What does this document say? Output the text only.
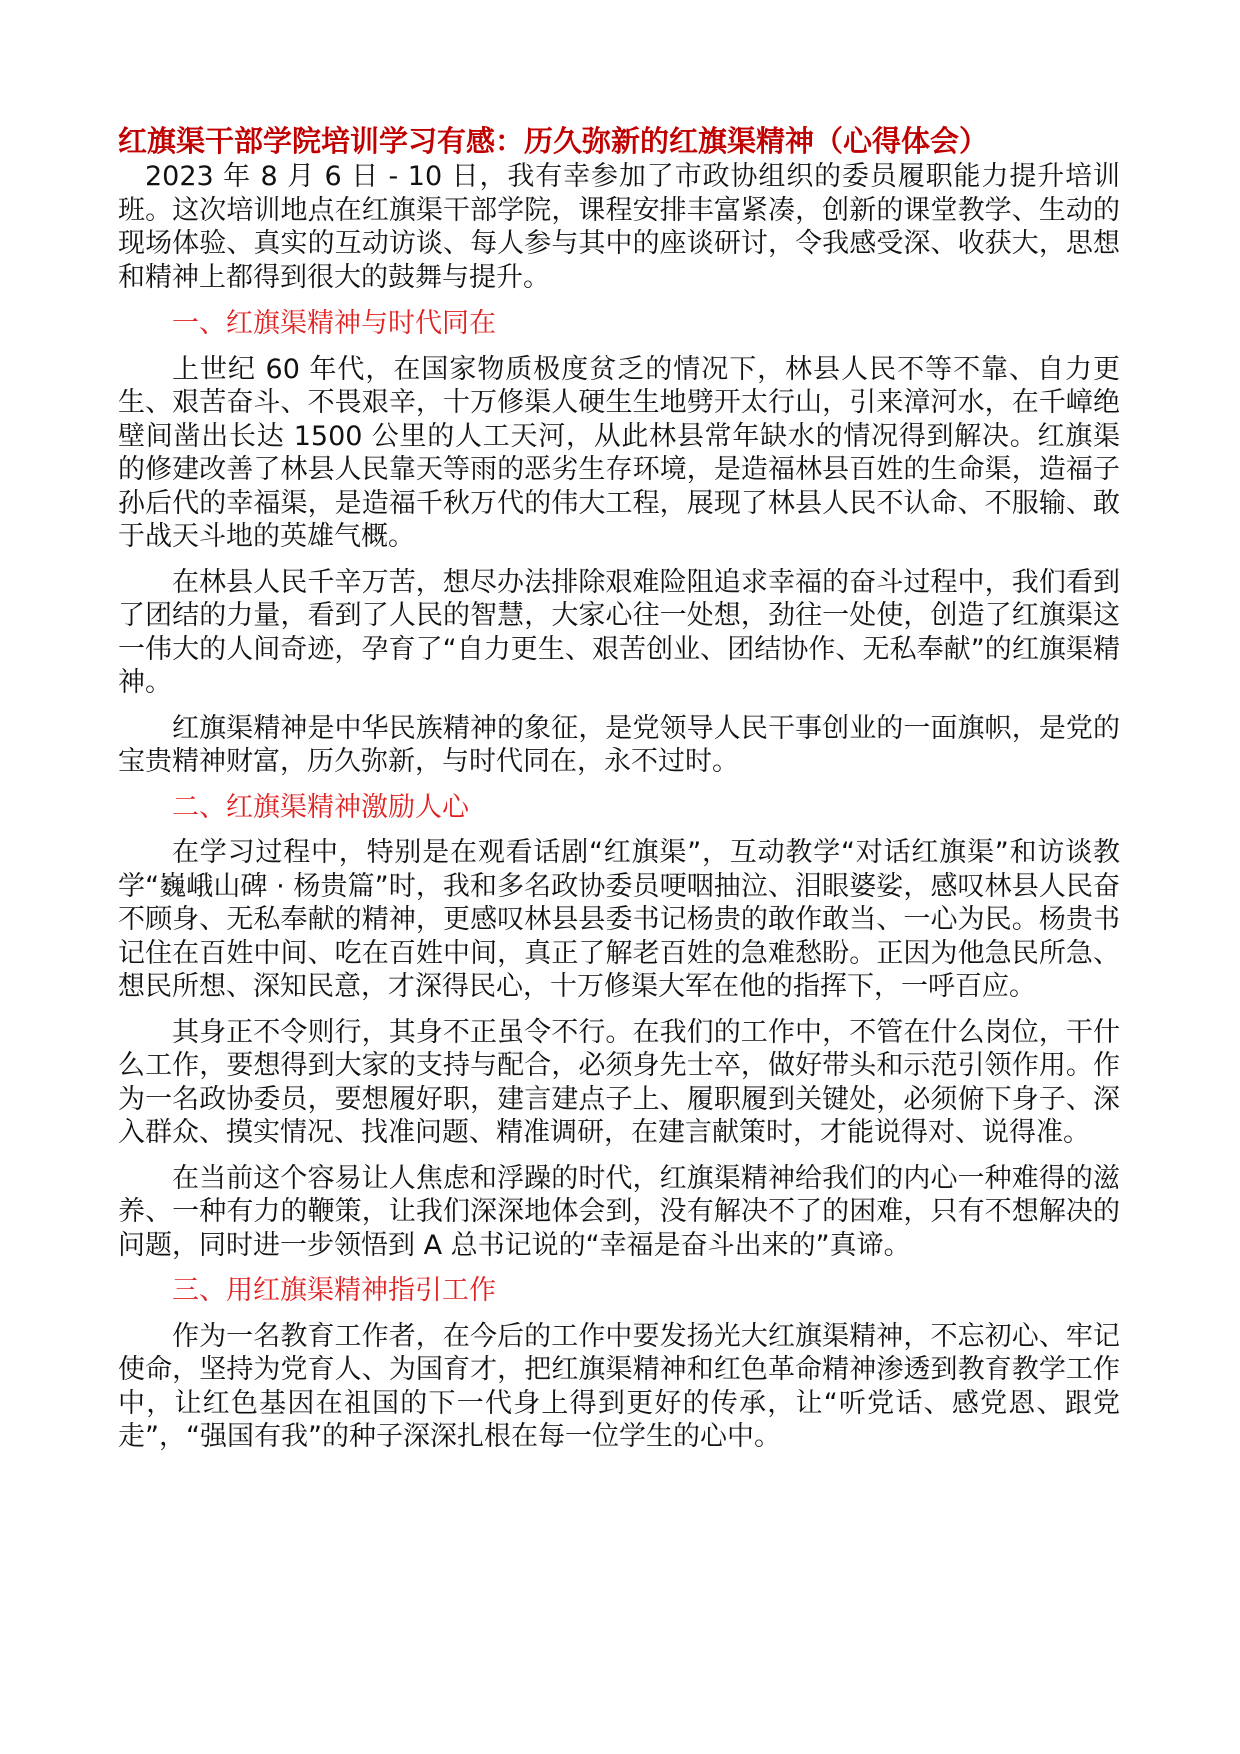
红旗渠干部学院培训学习有感：历久弥新的红旗渠精神（心得体会）

2023 年 8 月 6 日 - 10 日，我有幸参加了市政协组织的委员履职能力提升培训班。这次培训地点在红旗渠干部学院，课程安排丰富紧凑，创新的课堂教学、生动的现场体验、真实的互动访谈、每人参与其中的座谈研讨，令我感受深、收获大，思想和精神上都得到很大的鼓舞与提升。

一、红旗渠精神与时代同在

上世纪 60 年代，在国家物质极度贫乏的情况下，林县人民不等不靠、自力更生、艰苦奋斗、不畏艰辛，十万修渠人硬生生地劈开太行山，引来漳河水，在千嶂绝壁间凿出长达 1500 公里的人工天河，从此林县常年缺水的情况得到解决。红旗渠的修建改善了林县人民靠天等雨的恶劣生存环境，是造福林县百姓的生命渠，造福子孙后代的幸福渠，是造福千秋万代的伟大工程，展现了林县人民不认命、不服输、敢于战天斗地的英雄气概。

在林县人民千辛万苦，想尽办法排除艰难险阻追求幸福的奋斗过程中，我们看到了团结的力量，看到了人民的智慧，大家心往一处想，劲往一处使，创造了红旗渠这一伟大的人间奇迹，孕育了“自力更生、艰苦创业、团结协作、无私奉献”的红旗渠精神。

红旗渠精神是中华民族精神的象征，是党领导人民干事创业的一面旗帜，是党的宝贵精神财富，历久弥新，与时代同在，永不过时。

二、红旗渠精神激励人心

在学习过程中，特别是在观看话剧“红旗渠”，互动教学“对话红旗渠”和访谈教学“巍峨山碑 · 杨贵篇”时，我和多名政协委员哽咽抽泣、泪眼婆娑，感叹林县人民奋不顾身、无私奉献的精神，更感叹林县县委书记杨贵的敢作敢当、一心为民。杨贵书记住在百姓中间、吃在百姓中间，真正了解老百姓的急难愁盼。正因为他急民所急、想民所想、深知民意，才深得民心，十万修渠大军在他的指挥下，一呼百应。

其身正不令则行，其身不正虽令不行。在我们的工作中，不管在什么岗位，干什么工作，要想得到大家的支持与配合，必须身先士卒，做好带头和示范引领作用。作为一名政协委员，要想履好职，建言建点子上、履职履到关键处，必须俯下身子、深入群众、摸实情况、找准问题、精准调研，在建言献策时，才能说得对、说得准。

在当前这个容易让人焦虑和浮躁的时代，红旗渠精神给我们的内心一种难得的滋养、一种有力的鞭策，让我们深深地体会到，没有解决不了的困难，只有不想解决的问题，同时进一步领悟到 A 总书记说的“幸福是奋斗出来的”真谛。

三、用红旗渠精神指引工作

作为一名教育工作者，在今后的工作中要发扬光大红旗渠精神，不忘初心、牢记使命，坚持为党育人、为国育才，把红旗渠精神和红色革命精神渗透到教育教学工作中，让红色基因在祖国的下一代身上得到更好的传承，让“听党话、感党恩、跟党走”，“强国有我”的种子深深扎根在每一位学生的心中。
